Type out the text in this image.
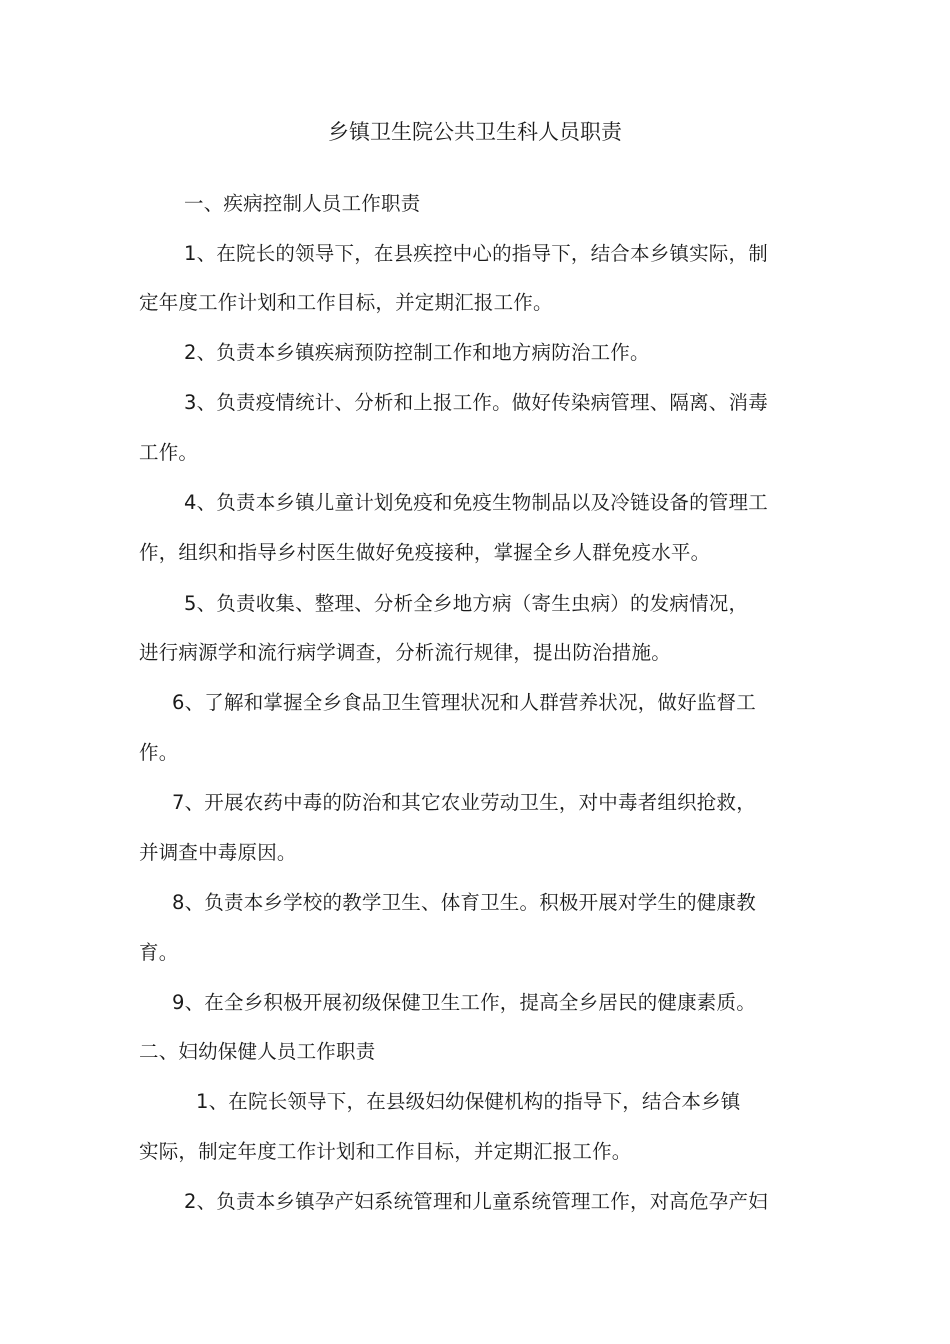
乡镇卫生院公共卫生科人员职责
一、疾病控制人员工作职责
1、在院长的领导下，在县疾控中心的指导下，结合本乡镇实际，制
定年度工作计划和工作目标，并定期汇报工作。
2、负责本乡镇疾病预防控制工作和地方病防治工作。
3、负责疫情统计、分析和上报工作。做好传染病管理、隔离、消毒
工作。
4、负责本乡镇儿童计划免疫和免疫生物制品以及冷链设备的管理工
作，组织和指导乡村医生做好免疫接种，掌握全乡人群免疫水平。
5、负责收集、整理、分析全乡地方病（寄生虫病）的发病情况，
进行病源学和流行病学调查，分析流行规律，提出防治措施。
6、了解和掌握全乡食品卫生管理状况和人群营养状况，做好监督工
作。
7、开展农药中毒的防治和其它农业劳动卫生，对中毒者组织抢救，
并调查中毒原因。
8、负责本乡学校的教学卫生、体育卫生。积极开展对学生的健康教
育。
9、在全乡积极开展初级保健卫生工作，提高全乡居民的健康素质。
二、妇幼保健人员工作职责
1、在院长领导下，在县级妇幼保健机构的指导下，结合本乡镇
实际，制定年度工作计划和工作目标，并定期汇报工作。
2、负责本乡镇孕产妇系统管理和儿童系统管理工作，对高危孕产妇
